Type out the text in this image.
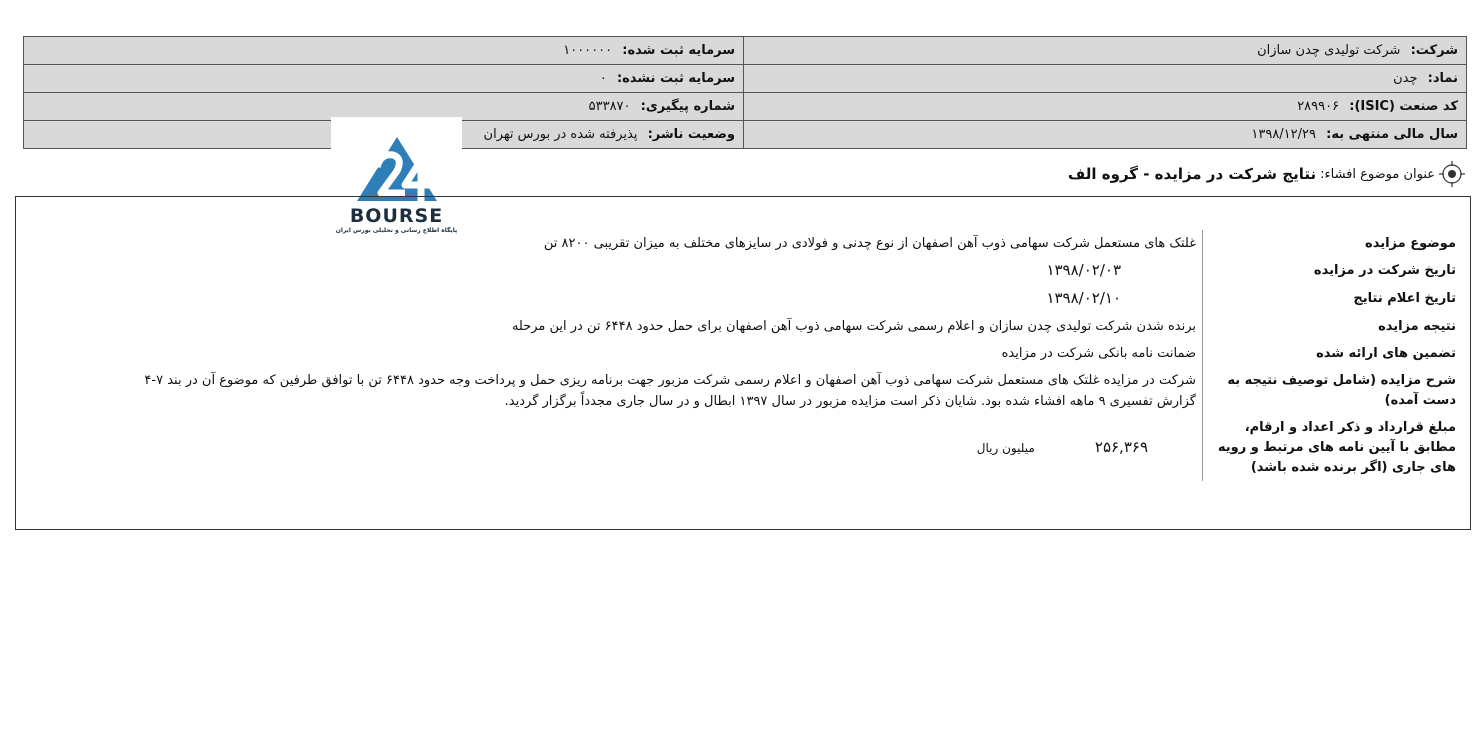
شرکت: شرکت تولیدی چدن سازان	سرمایه ثبت شده: ۱۰۰۰۰۰۰
نماد: چدن	سرمایه ثبت نشده: ۰
کد صنعت (ISIC): ۲۸۹۹۰۶	شماره پیگیری: ۵۳۳۸۷۰
سال مالی منتهی به: ۱۳۹۸/۱۲/۲۹	وضعیت ناشر: پذیرفته شده در بورس تهران
BOURSE
پایگاه اطلاع رسانی و تحلیلی بورس ایران
عنوان موضوع افشاء:
نتایج شرکت در مزایده - گروه الف
موضوع مزایده	غلتک های مستعمل شرکت سهامی ذوب آهن اصفهان از نوع چدنی و فولادی در سایزهای مختلف به میزان تقریبی ۸۲۰۰ تن
تاریخ شرکت در مزایده	۱۳۹۸/۰۲/۰۳
تاریخ اعلام نتایج	۱۳۹۸/۰۲/۱۰
نتیجه مزایده	برنده شدن شرکت تولیدی چدن سازان و اعلام رسمی شرکت سهامی ذوب آهن اصفهان برای حمل حدود ۶۴۴۸ تن در این مرحله
تضمین های ارائه شده	ضمانت نامه بانکی شرکت در مزایده
شرح مزایده (شامل توصیف نتیجه به دست آمده)	شرکت در مزایده غلتک های مستعمل شرکت سهامی ذوب آهن اصفهان و اعلام رسمی شرکت مزبور جهت برنامه ریزی حمل و پرداخت وجه حدود ۶۴۴۸ تن با توافق طرفین که موضوع آن در بند ۷-۴ گزارش تفسیری ۹ ماهه افشاء شده بود. شایان ذکر است مزایده مزبور در سال ۱۳۹۷ ابطال و در سال جاری مجدداً برگزار گردید.
مبلغ قرارداد و ذکر اعداد و ارقام، مطابق با آیین نامه های مرتبط و رویه های جاری (اگر برنده شده باشد)	۲۵۶,۳۶۹ میلیون ریال
